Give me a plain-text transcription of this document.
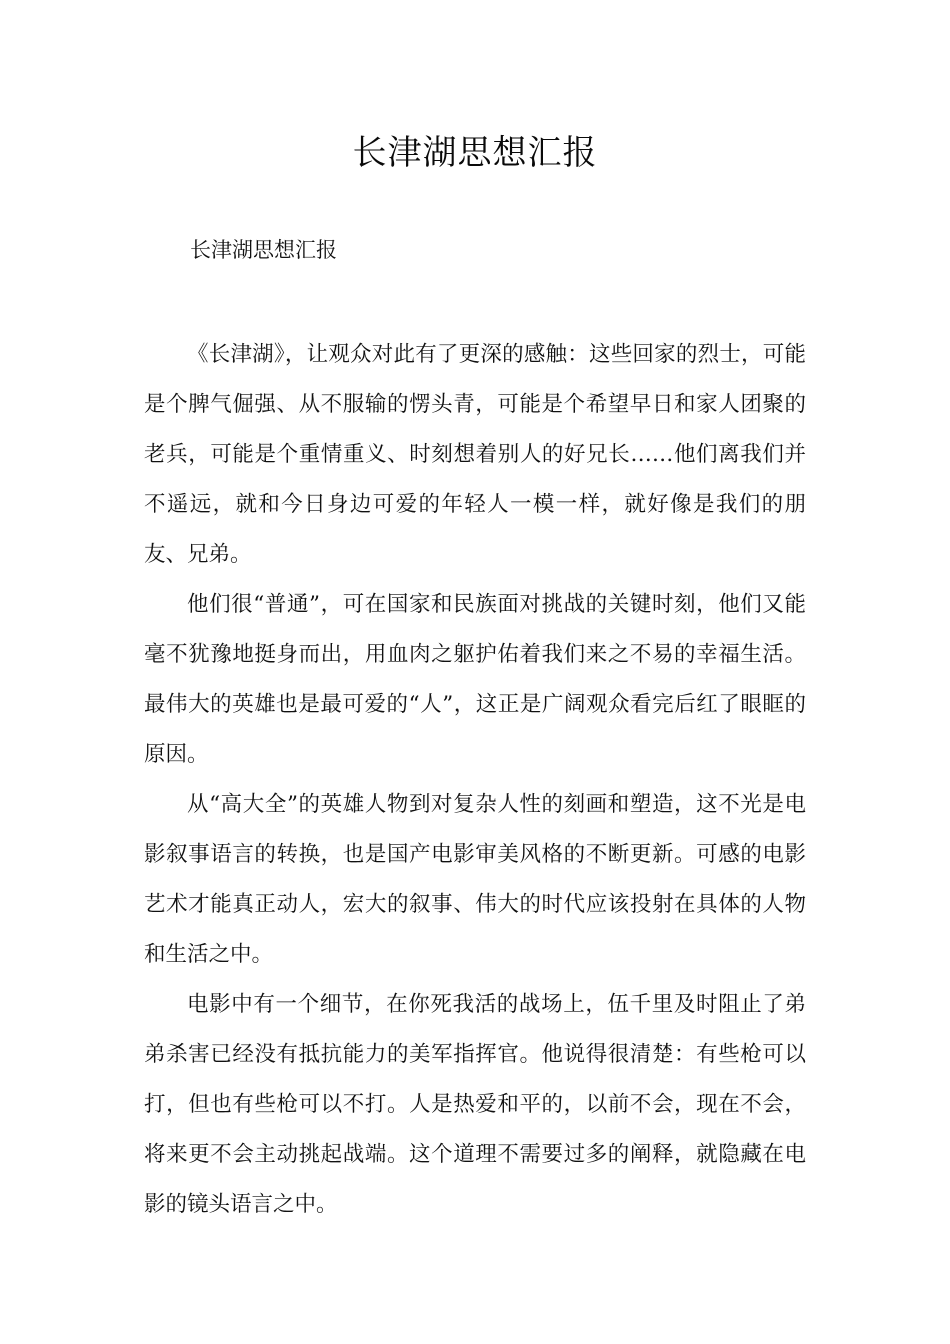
长津湖思想汇报

长津湖思想汇报

《长津湖》，让观众对此有了更深的感触：这些回家的烈士，可能是个脾气倔强、从不服输的愣头青，可能是个希望早日和家人团聚的老兵，可能是个重情重义、时刻想着别人的好兄长……他们离我们并不遥远，就和今日身边可爱的年轻人一模一样，就好像是我们的朋友、兄弟。

他们很“普通”，可在国家和民族面对挑战的关键时刻，他们又能毫不犹豫地挺身而出，用血肉之躯护佑着我们来之不易的幸福生活。最伟大的英雄也是最可爱的“人”，这正是广阔观众看完后红了眼眶的原因。

从“高大全”的英雄人物到对复杂人性的刻画和塑造，这不光是电影叙事语言的转换，也是国产电影审美风格的不断更新。可感的电影艺术才能真正动人，宏大的叙事、伟大的时代应该投射在具体的人物和生活之中。

电影中有一个细节，在你死我活的战场上，伍千里及时阻止了弟弟杀害已经没有抵抗能力的美军指挥官。他说得很清楚：有些枪可以打，但也有些枪可以不打。人是热爱和平的，以前不会，现在不会，将来更不会主动挑起战端。这个道理不需要过多的阐释，就隐藏在电影的镜头语言之中。
